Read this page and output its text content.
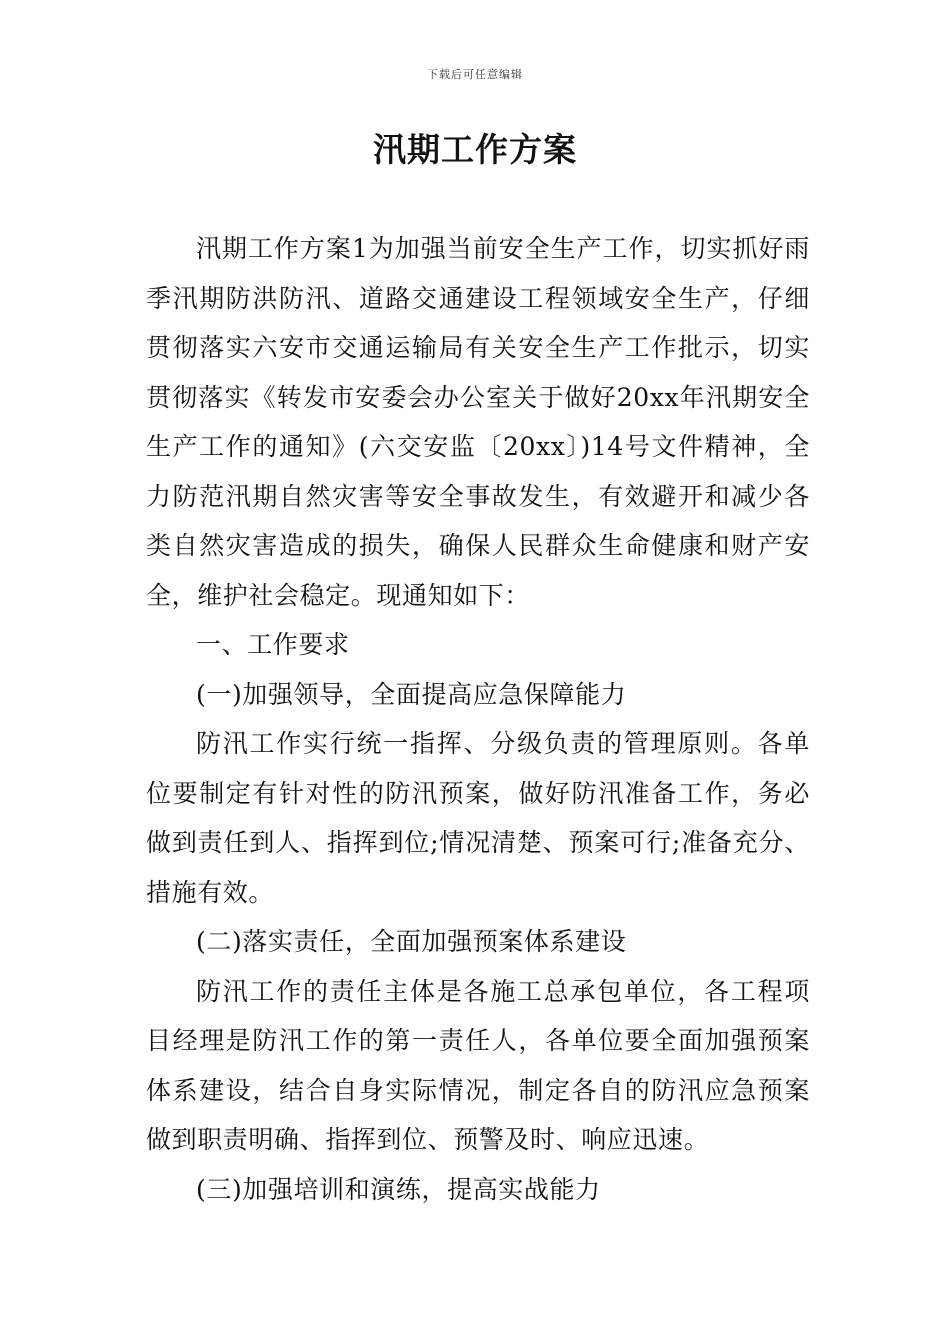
下载后可任意编辑
汛期工作方案

汛期工作方案1为加强当前安全生产工作，切实抓好雨季汛期防洪防汛、道路交通建设工程领域安全生产，仔细贯彻落实六安市交通运输局有关安全生产工作批示，切实贯彻落实《转发市安委会办公室关于做好20xx年汛期安全生产工作的通知》(六交安监〔20xx〕)14号文件精神，全力防范汛期自然灾害等安全事故发生，有效避开和减少各类自然灾害造成的损失，确保人民群众生命健康和财产安全，维护社会稳定。现通知如下：

一、工作要求

(一)加强领导，全面提高应急保障能力

防汛工作实行统一指挥、分级负责的管理原则。各单位要制定有针对性的防汛预案，做好防汛准备工作，务必做到责任到人、指挥到位;情况清楚、预案可行;准备充分、措施有效。

(二)落实责任，全面加强预案体系建设

防汛工作的责任主体是各施工总承包单位，各工程项目经理是防汛工作的第一责任人，各单位要全面加强预案体系建设，结合自身实际情况，制定各自的防汛应急预案做到职责明确、指挥到位、预警及时、响应迅速。

(三)加强培训和演练，提高实战能力
